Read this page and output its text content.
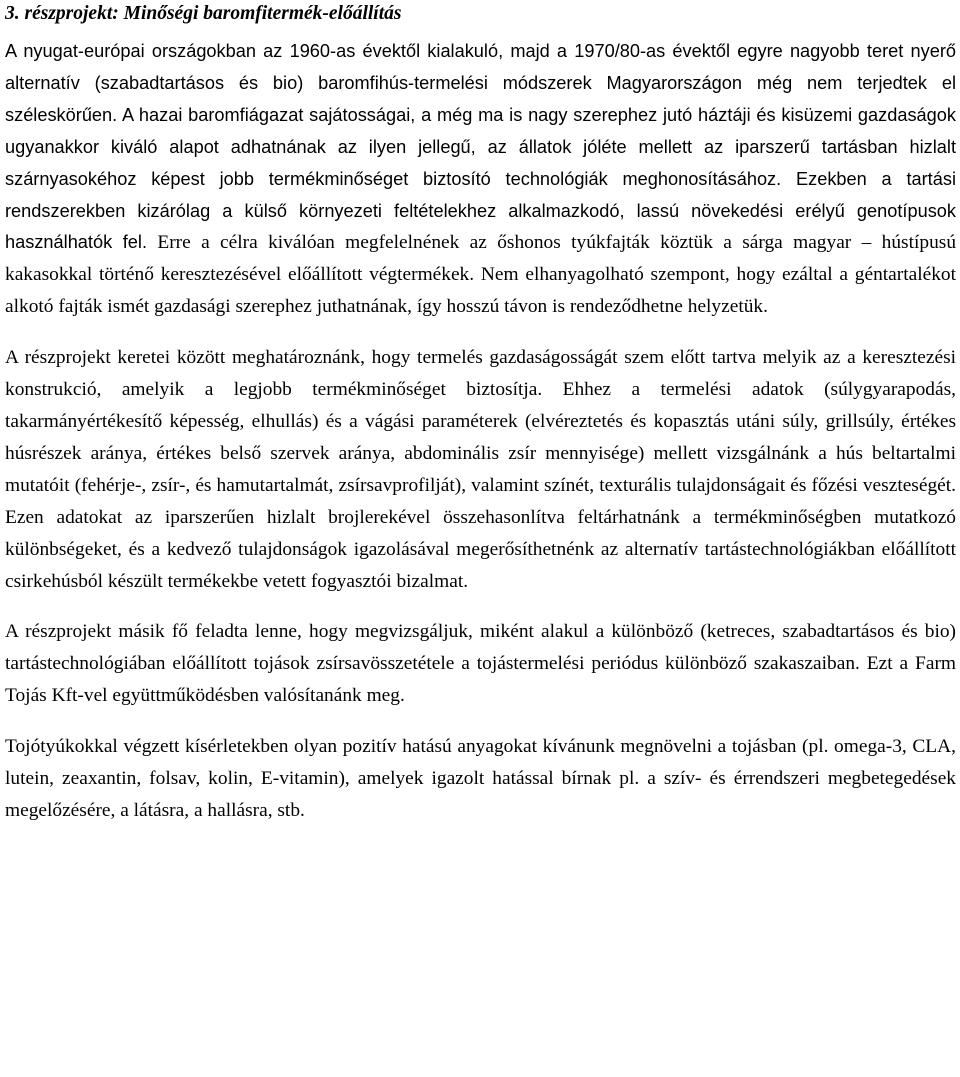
3. részprojekt: Minőségi baromfitermék-előállítás

A nyugat-európai országokban az 1960-as évektől kialakuló, majd a 1970/80-as évektől egyre nagyobb teret nyerő alternatív (szabadtartásos és bio) baromfihús-termelési módszerek Magyarországon még nem terjedtek el széleskörűen. A hazai baromfiágazat sajátosságai, a még ma is nagy szerephez jutó háztáji és kisüzemi gazdaságok ugyanakkor kiváló alapot adhatnának az ilyen jellegű, az állatok jóléte mellett az iparszerű tartásban hizlalt szárnyasokéhoz képest jobb termékminőséget biztosító technológiák meghonosításához. Ezekben a tartási rendszerekben kizárólag a külső környezeti feltételekhez alkalmazkodó, lassú növekedési erélyű genotípusok használhatók fel. Erre a célra kiválóan megfelelnének az őshonos tyúkfajták köztük a sárga magyar – hústípusú kakasokkal történő keresztezésével előállított végtermékek. Nem elhanyagolható szempont, hogy ezáltal a géntartalékot alkotó fajták ismét gazdasági szerephez juthatnának, így hosszú távon is rendeződhetne helyzetük.

A részprojekt keretei között meghatároznánk, hogy termelés gazdaságosságát szem előtt tartva melyik az a keresztezési konstrukció, amelyik a legjobb termékminőséget biztosítja. Ehhez a termelési adatok (súlygyarapodás, takarmányértékesítő képesség, elhullás) és a vágási paraméterek (elvéreztetés és kopasztás utáni súly, grillsúly, értékes húsrészek aránya, értékes belső szervek aránya, abdominális zsír mennyisége) mellett vizsgálnánk a hús beltartalmi mutatóit (fehérje-, zsír-, és hamutartalmát, zsírsavprofilját), valamint színét, texturális tulajdonságait és főzési veszteségét. Ezen adatokat az iparszerűen hizlalt brojlerekével összehasonlítva feltárhatnánk a termékminőségben mutatkozó különbségeket, és a kedvező tulajdonságok igazolásával megerősíthetnénk az alternatív tartástechnológiákban előállított csirkehúsból készült termékekbe vetett fogyasztói bizalmat.

A részprojekt másik fő feladta lenne, hogy megvizsgáljuk, miként alakul a különböző (ketreces, szabadtartásos és bio) tartástechnológiában előállított tojások zsírsavösszetétele a tojástermelési periódus különböző szakaszaiban. Ezt a Farm Tojás Kft-vel együttműködésben valósítanánk meg.

Tojótyúkokkal végzett kísérletekben olyan pozitív hatású anyagokat kívánunk megnövelni a tojásban (pl. omega-3, CLA, lutein, zeaxantin, folsav, kolin, E-vitamin), amelyek igazolt hatással bírnak pl. a szív- és érrendszeri megbetegedések megelőzésére, a látásra, a hallásra, stb.
